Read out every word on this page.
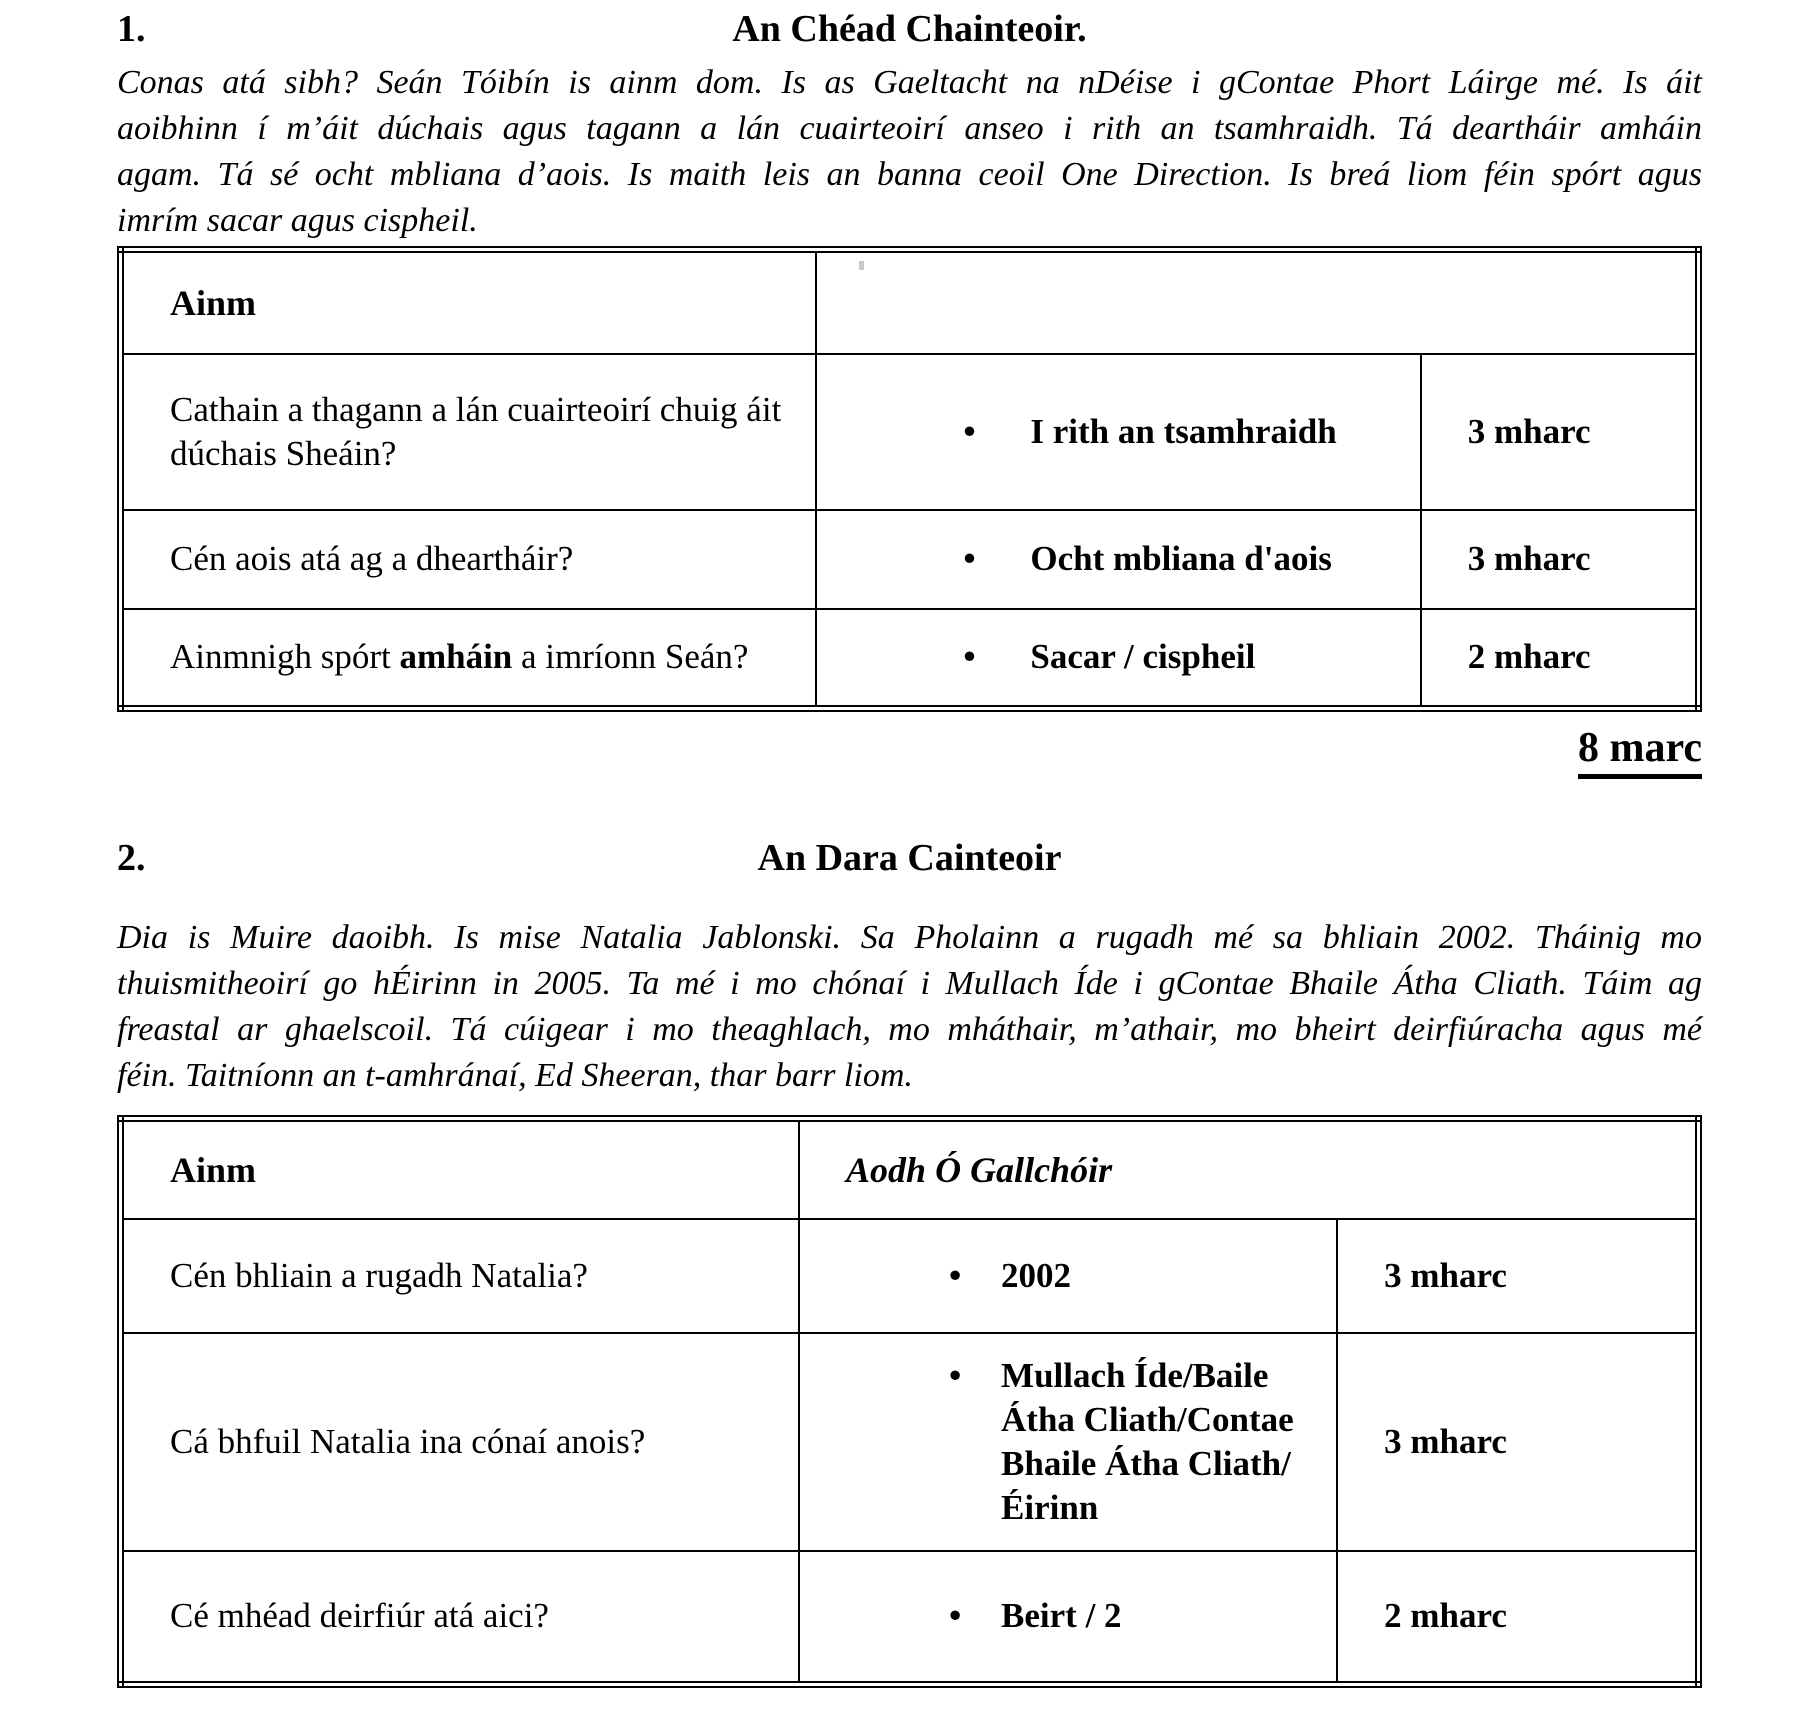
1.	An Chéad Chainteoir.
Conas atá sibh? Seán Tóibín is ainm dom. Is as Gaeltacht na nDéise i gContae Phort Láirge mé. Is áit
aoibhinn í m’áit dúchais agus tagann a lán cuairteoirí anseo i rith an tsamhraidh. Tá deartháir amháin
agam. Tá sé ocht mbliana d’aois. Is maith leis an banna ceoil One Direction. Is breá liom féin spórt agus
imrím sacar agus cispheil.
Ainm		
Cathain a thagann a lán cuairteoirí chuig áit dúchais Sheáin?	• I rith an tsamhraidh	3 mharc
Cén aois atá ag a dheartháir?	• Ocht mbliana d'aois	3 mharc
Ainmnigh spórt amháin a imríonn Seán?	• Sacar / cispheil	2 mharc
8 marc
2.	An Dara Cainteoir
Dia is Muire daoibh. Is mise Natalia Jablonski. Sa Pholainn a rugadh mé sa bhliain 2002. Tháinig mo
thuismitheoirí go hÉirinn in 2005. Ta mé i mo chónaí i Mullach Íde i gContae Bhaile Átha Cliath. Táim ag
freastal ar ghaelscoil. Tá cúigear i mo theaghlach, mo mháthair, m’athair, mo bheirt deirfiúracha agus mé
féin. Taitníonn an t-amhránaí, Ed Sheeran, thar barr liom.
Ainm	Aodh Ó Gallchóir	
Cén bhliain a rugadh Natalia?	• 2002	3 mharc
Cá bhfuil Natalia ina cónaí anois?	• Mullach Íde/Baile Átha Cliath/Contae Bhaile Átha Cliath/Éirinn	3 mharc
Cé mhéad deirfiúr atá aici?	• Beirt / 2	2 mharc
